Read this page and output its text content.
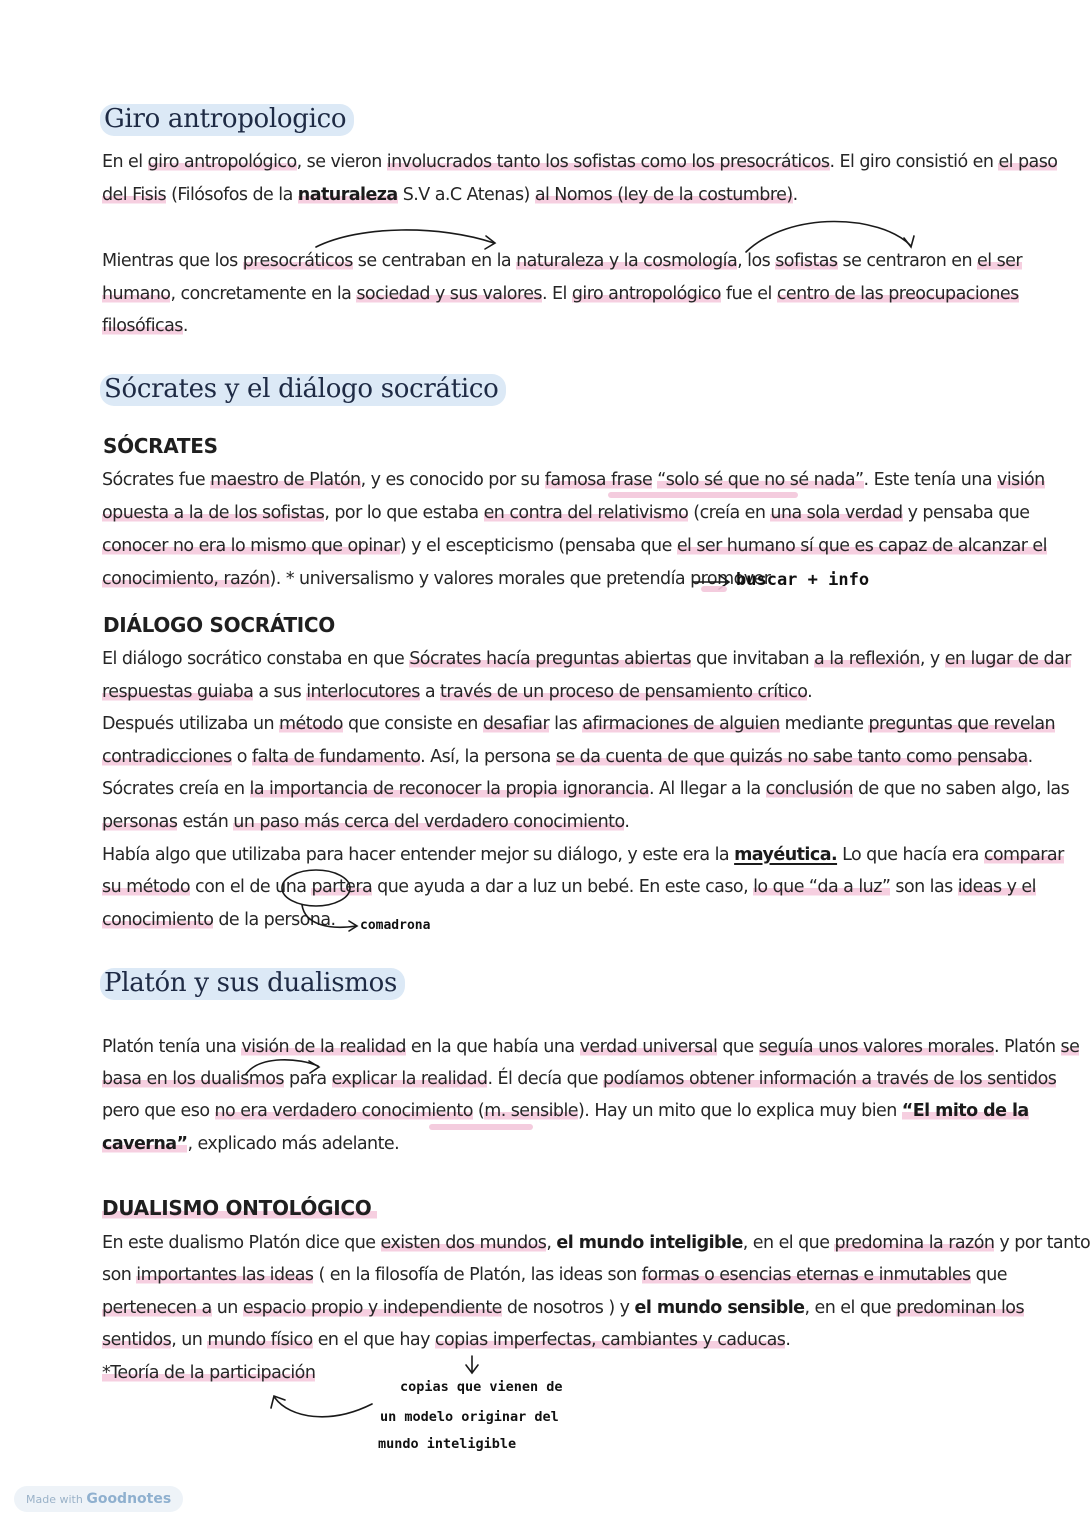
Giro antropologico
En el giro antropológico, se vieron involucrados tanto los sofistas como los presocráticos. El giro consistió en el paso
del Fisis (Filósofos de la naturaleza S.V a.C Atenas) al Nomos (ley de la costumbre).
Mientras que los presocráticos se centraban en la naturaleza y la cosmología, los sofistas se centraron en el ser
humano, concretamente en la sociedad y sus valores. El giro antropológico fue el centro de las preocupaciones
filosóficas.
Sócrates y el diálogo socrático
SÓCRATES
Sócrates fue maestro de Platón, y es conocido por su famosa frase “solo sé que no sé nada”. Este tenía una visión
opuesta a la de los sofistas, por lo que estaba en contra del relativismo (creía en una sola verdad y pensaba que
conocer no era lo mismo que opinar) y el escepticismo (pensaba que el ser humano sí que es capaz de alcanzar el
conocimiento, razón). * universalismo y valores morales que pretendía promover
buscar + info
DIÁLOGO SOCRÁTICO
El diálogo socrático constaba en que Sócrates hacía preguntas abiertas que invitaban a la reflexión, y en lugar de dar
respuestas guiaba a sus interlocutores a través de un proceso de pensamiento crítico.
Después utilizaba un método que consiste en desafiar las afirmaciones de alguien mediante preguntas que revelan
contradicciones o falta de fundamento. Así, la persona se da cuenta de que quizás no sabe tanto como pensaba.
Sócrates creía en la importancia de reconocer la propia ignorancia. Al llegar a la conclusión de que no saben algo, las
personas están un paso más cerca del verdadero conocimiento.
Había algo que utilizaba para hacer entender mejor su diálogo, y este era la mayéutica. Lo que hacía era comparar
su método con el de una partera que ayuda a dar a luz un bebé. En este caso, lo que “da a luz” son las ideas y el
conocimiento de la persona. comadrona
Platón y sus dualismos
Platón tenía una visión de la realidad en la que había una verdad universal que seguía unos valores morales. Platón se
basa en los dualismos para explicar la realidad. Él decía que podíamos obtener información a través de los sentidos
pero que eso no era verdadero conocimiento (m. sensible). Hay un mito que lo explica muy bien “El mito de la
caverna”, explicado más adelante.
DUALISMO ONTOLÓGICO
En este dualismo Platón dice que existen dos mundos, el mundo inteligible, en el que predomina la razón y por tanto
son importantes las ideas ( en la filosofía de Platón, las ideas son formas o esencias eternas e inmutables que
pertenecen a un espacio propio y independiente de nosotros ) y el mundo sensible, en el que predominan los
sentidos, un mundo físico en el que hay copias imperfectas, cambiantes y caducas.
*Teoría de la participación
copias que vienen de
un modelo originar del
mundo inteligible
Made with Goodnotes
